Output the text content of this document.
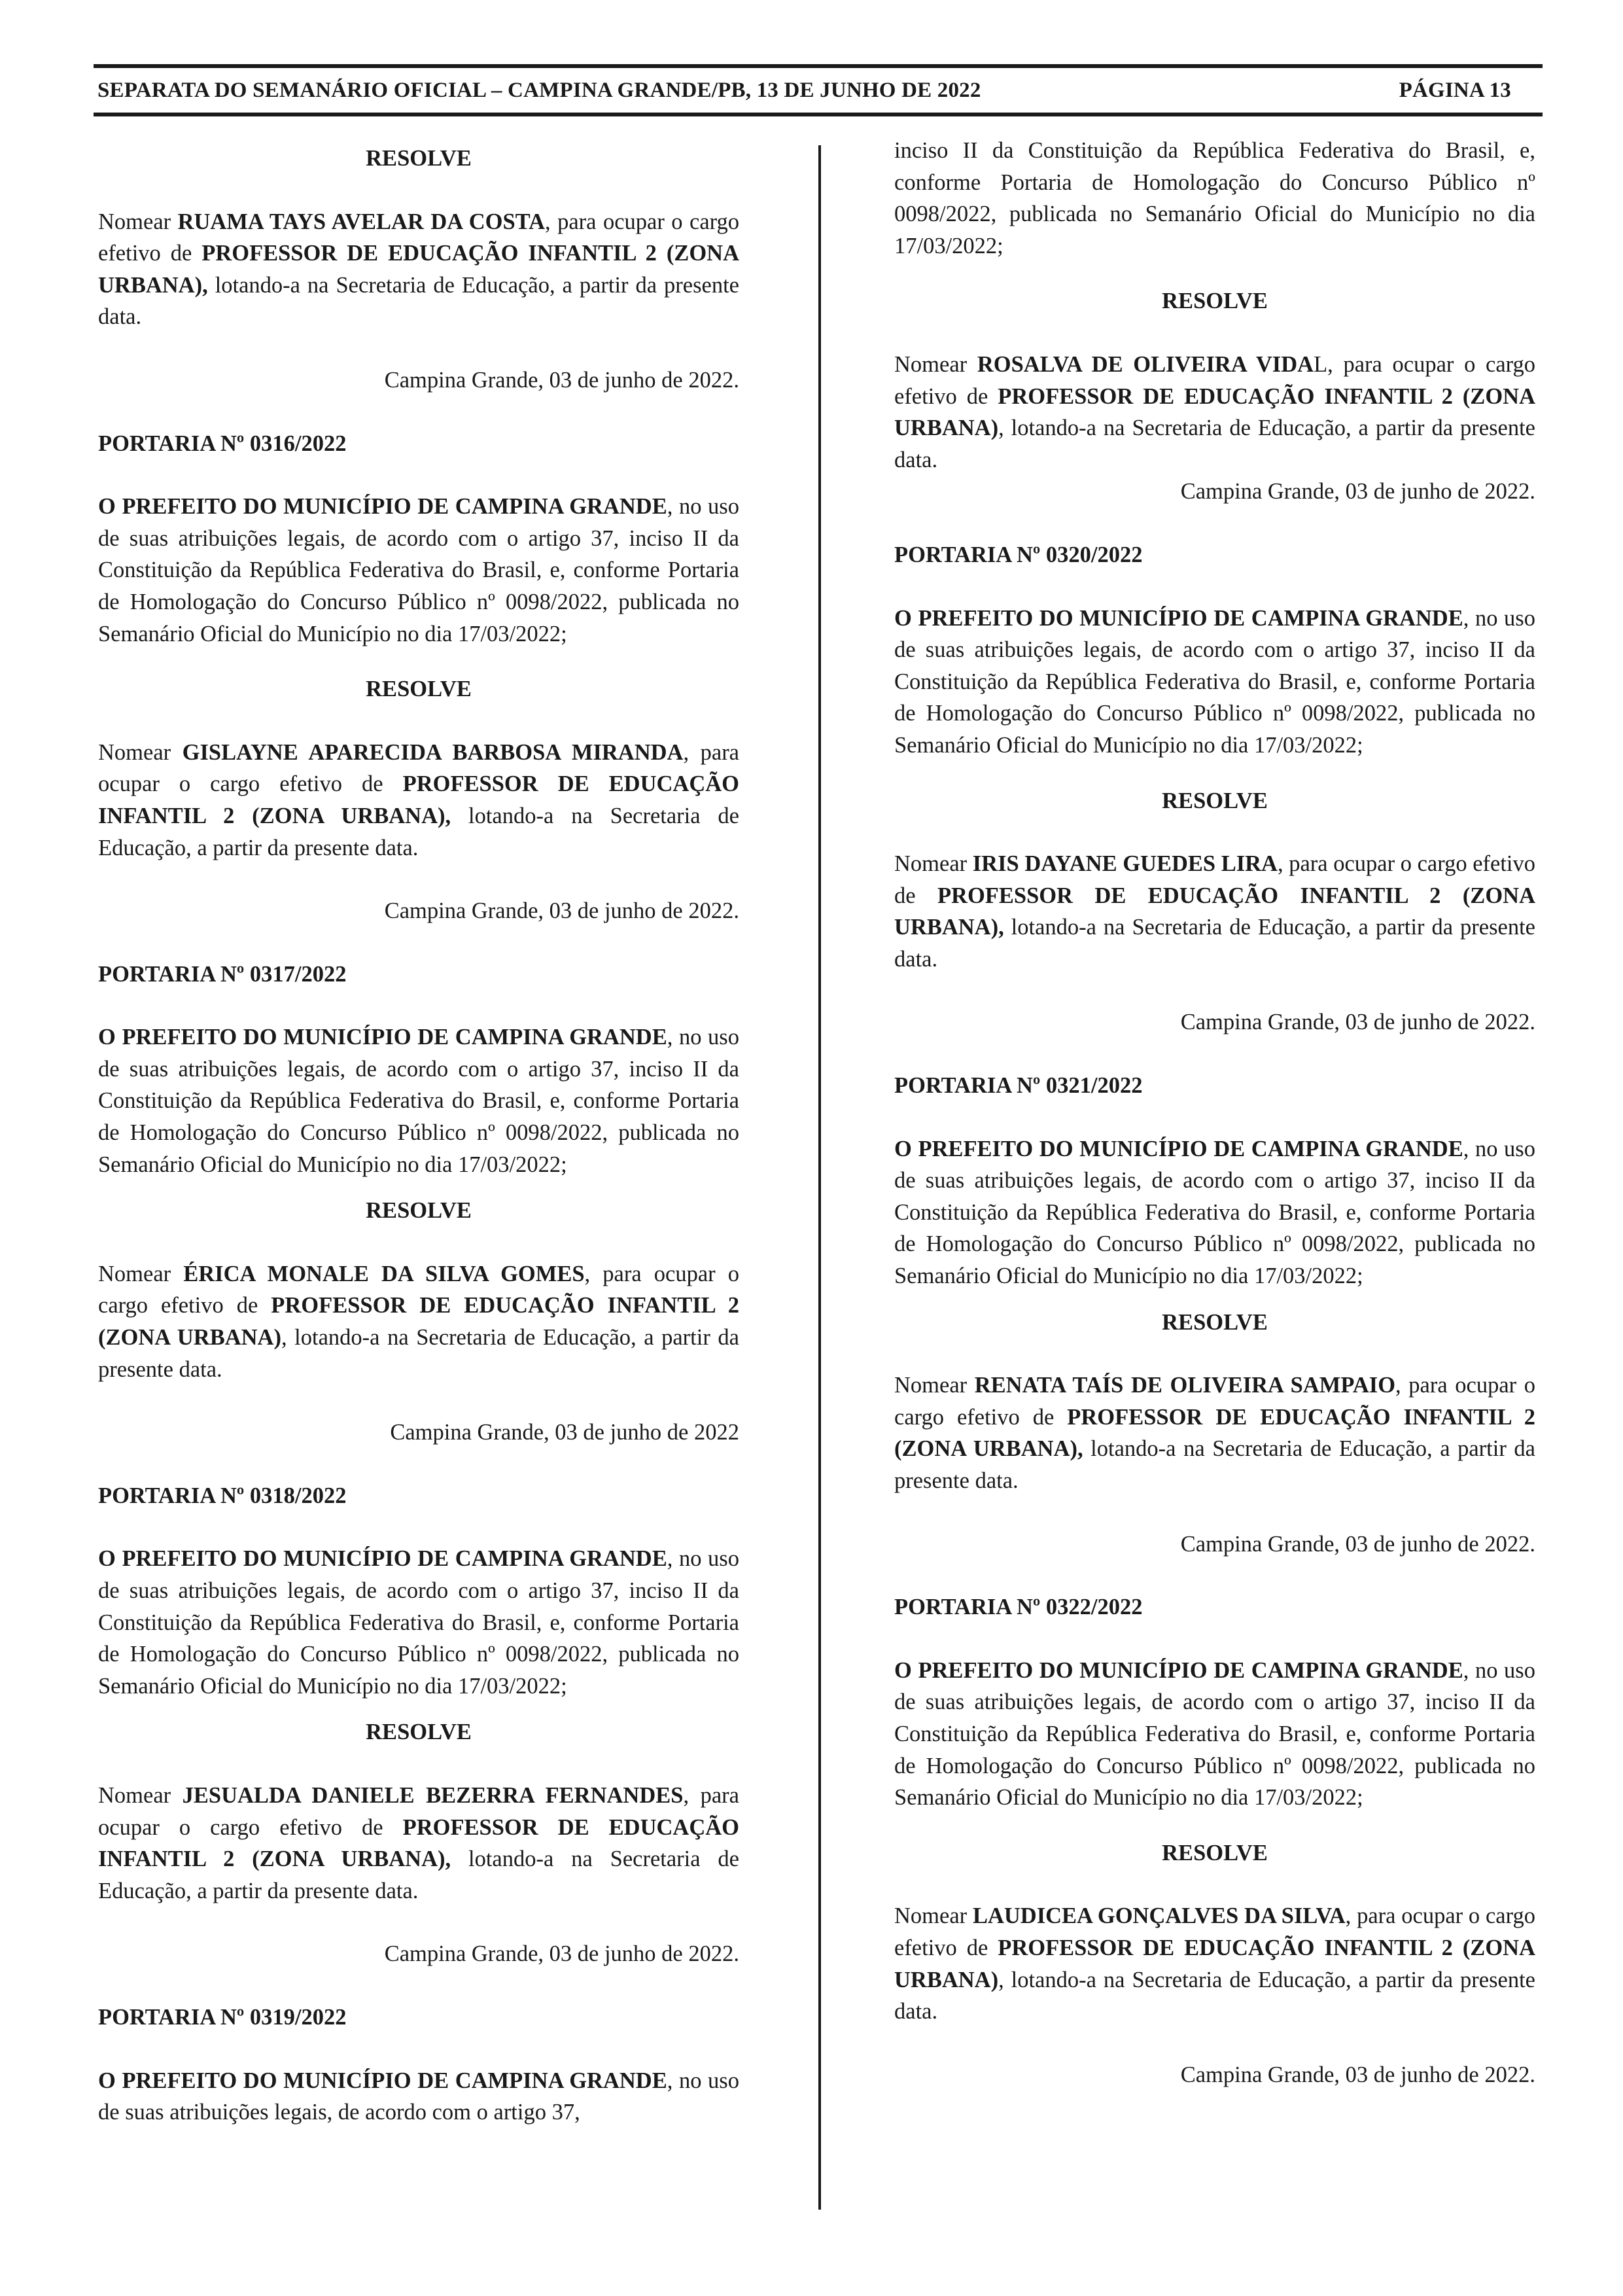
SEPARATA DO SEMANÁRIO OFICIAL – CAMPINA GRANDE/PB, 13 DE JUNHO DE 2022	PÁGINA 13

RESOLVE

Nomear RUAMA TAYS AVELAR DA COSTA, para ocupar o cargo efetivo de PROFESSOR DE EDUCAÇÃO INFANTIL 2 (ZONA URBANA), lotando-a na Secretaria de Educação, a partir da presente data.

Campina Grande, 03 de junho de 2022.

PORTARIA Nº 0316/2022

O PREFEITO DO MUNICÍPIO DE CAMPINA GRANDE, no uso de suas atribuições legais, de acordo com o artigo 37, inciso II da Constituição da República Federativa do Brasil, e, conforme Portaria de Homologação do Concurso Público nº 0098/2022, publicada no Semanário Oficial do Município no dia 17/03/2022;

RESOLVE

Nomear GISLAYNE APARECIDA BARBOSA MIRANDA, para ocupar o cargo efetivo de PROFESSOR DE EDUCAÇÃO INFANTIL 2 (ZONA URBANA), lotando-a na Secretaria de Educação, a partir da presente data.

Campina Grande, 03 de junho de 2022.

PORTARIA Nº 0317/2022

O PREFEITO DO MUNICÍPIO DE CAMPINA GRANDE, no uso de suas atribuições legais, de acordo com o artigo 37, inciso II da Constituição da República Federativa do Brasil, e, conforme Portaria de Homologação do Concurso Público nº 0098/2022, publicada no Semanário Oficial do Município no dia 17/03/2022;

RESOLVE

Nomear ÉRICA MONALE DA SILVA GOMES, para ocupar o cargo efetivo de PROFESSOR DE EDUCAÇÃO INFANTIL 2 (ZONA URBANA), lotando-a na Secretaria de Educação, a partir da presente data.

Campina Grande, 03 de junho de 2022

PORTARIA Nº 0318/2022

O PREFEITO DO MUNICÍPIO DE CAMPINA GRANDE, no uso de suas atribuições legais, de acordo com o artigo 37, inciso II da Constituição da República Federativa do Brasil, e, conforme Portaria de Homologação do Concurso Público nº 0098/2022, publicada no Semanário Oficial do Município no dia 17/03/2022;

RESOLVE

Nomear JESUALDA DANIELE BEZERRA FERNANDES, para ocupar o cargo efetivo de PROFESSOR DE EDUCAÇÃO INFANTIL 2 (ZONA URBANA), lotando-a na Secretaria de Educação, a partir da presente data.

Campina Grande, 03 de junho de 2022.

PORTARIA Nº 0319/2022

O PREFEITO DO MUNICÍPIO DE CAMPINA GRANDE, no uso de suas atribuições legais, de acordo com o artigo 37,

inciso II da Constituição da República Federativa do Brasil, e, conforme Portaria de Homologação do Concurso Público nº 0098/2022, publicada no Semanário Oficial do Município no dia 17/03/2022;

RESOLVE

Nomear ROSALVA DE OLIVEIRA VIDAL, para ocupar o cargo efetivo de PROFESSOR DE EDUCAÇÃO INFANTIL 2 (ZONA URBANA), lotando-a na Secretaria de Educação, a partir da presente data.

Campina Grande, 03 de junho de 2022.

PORTARIA Nº 0320/2022

O PREFEITO DO MUNICÍPIO DE CAMPINA GRANDE, no uso de suas atribuições legais, de acordo com o artigo 37, inciso II da Constituição da República Federativa do Brasil, e, conforme Portaria de Homologação do Concurso Público nº 0098/2022, publicada no Semanário Oficial do Município no dia 17/03/2022;

RESOLVE

Nomear IRIS DAYANE GUEDES LIRA, para ocupar o cargo efetivo de PROFESSOR DE EDUCAÇÃO INFANTIL 2 (ZONA URBANA), lotando-a na Secretaria de Educação, a partir da presente data.

Campina Grande, 03 de junho de 2022.

PORTARIA Nº 0321/2022

O PREFEITO DO MUNICÍPIO DE CAMPINA GRANDE, no uso de suas atribuições legais, de acordo com o artigo 37, inciso II da Constituição da República Federativa do Brasil, e, conforme Portaria de Homologação do Concurso Público nº 0098/2022, publicada no Semanário Oficial do Município no dia 17/03/2022;

RESOLVE

Nomear RENATA TAÍS DE OLIVEIRA SAMPAIO, para ocupar o cargo efetivo de PROFESSOR DE EDUCAÇÃO INFANTIL 2 (ZONA URBANA), lotando-a na Secretaria de Educação, a partir da presente data.

Campina Grande, 03 de junho de 2022.

PORTARIA Nº 0322/2022

O PREFEITO DO MUNICÍPIO DE CAMPINA GRANDE, no uso de suas atribuições legais, de acordo com o artigo 37, inciso II da Constituição da República Federativa do Brasil, e, conforme Portaria de Homologação do Concurso Público nº 0098/2022, publicada no Semanário Oficial do Município no dia 17/03/2022;

RESOLVE

Nomear LAUDICEA GONÇALVES DA SILVA, para ocupar o cargo efetivo de PROFESSOR DE EDUCAÇÃO INFANTIL 2 (ZONA URBANA), lotando-a na Secretaria de Educação, a partir da presente data.

Campina Grande, 03 de junho de 2022.
